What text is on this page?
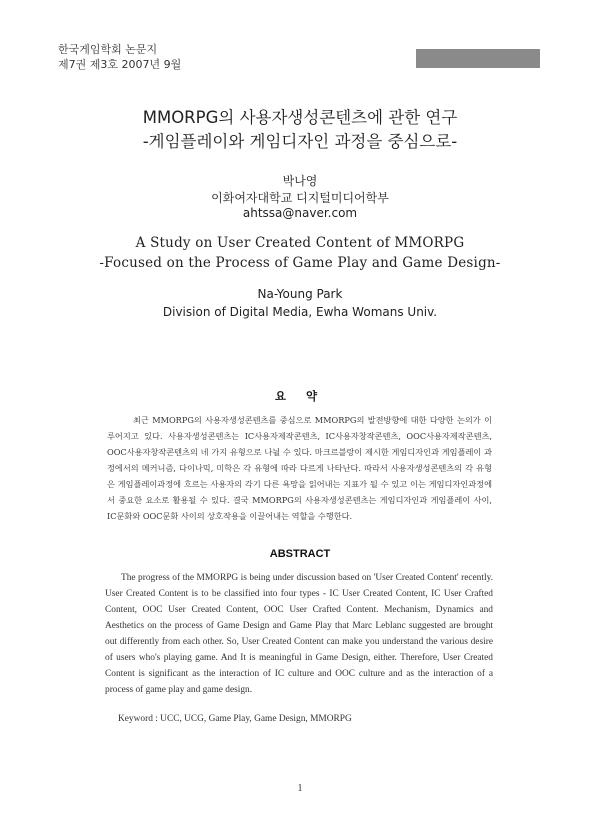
한국게임학회 논문지
제7권 제3호 2007년 9월
MMORPG의 사용자생성콘텐츠에 관한 연구
-게임플레이와 게임디자인 과정을 중심으로-
박나영
이화여자대학교 디지털미디어학부
ahtssa@naver.com
A Study on User Created Content of MMORPG
-Focused on the Process of Game Play and Game Design-
Na-Young Park
Division of Digital Media, Ewha Womans Univ.
요 약

최근 MMORPG의 사용자생성콘텐츠를 중심으로 MMORPG의 발전방향에 대한 다양한 논의가 이루어지고 있다. 사용자생성콘텐츠는 IC사용자제작콘텐츠, IC사용자창작콘텐츠, OOC사용자제작콘텐츠, OOC사용자창작콘텐츠의 네 가지 유형으로 나뉠 수 있다. 마크르블랑이 제시한 게임디자인과 게임플레이 과정에서의 메커니즘, 다이나믹, 미학은 각 유형에 따라 다르게 나타난다. 따라서 사용자생성콘텐츠의 각 유형은 게임플레이과정에 흐르는 사용자의 각기 다른 욕망을 읽어내는 지표가 될 수 있고 이는 게임디자인과정에서 중요한 요소로 활용될 수 있다. 결국 MMORPG의 사용자생성콘텐츠는 게임디자인과 게임플레이 사이, IC문화와 OOC문화 사이의 상호작용을 이끌어내는 역할을 수행한다.

ABSTRACT

The progress of the MMORPG is being under discussion based on 'User Created Content' recently. User Created Content is to be classified into four types - IC User Created Content, IC User Crafted Content, OOC User Created Content, OOC User Crafted Content. Mechanism, Dynamics and Aesthetics on the process of Game Design and Game Play that Marc Leblanc suggested are brought out differently from each other. So, User Created Content can make you understand the various desire of users who's playing game. And It is meaningful in Game Design, either. Therefore, User Created Content is significant as the interaction of IC culture and OOC culture and as the interaction of a process of game play and game design.

Keyword : UCC, UCG, Game Play, Game Design, MMORPG
1
